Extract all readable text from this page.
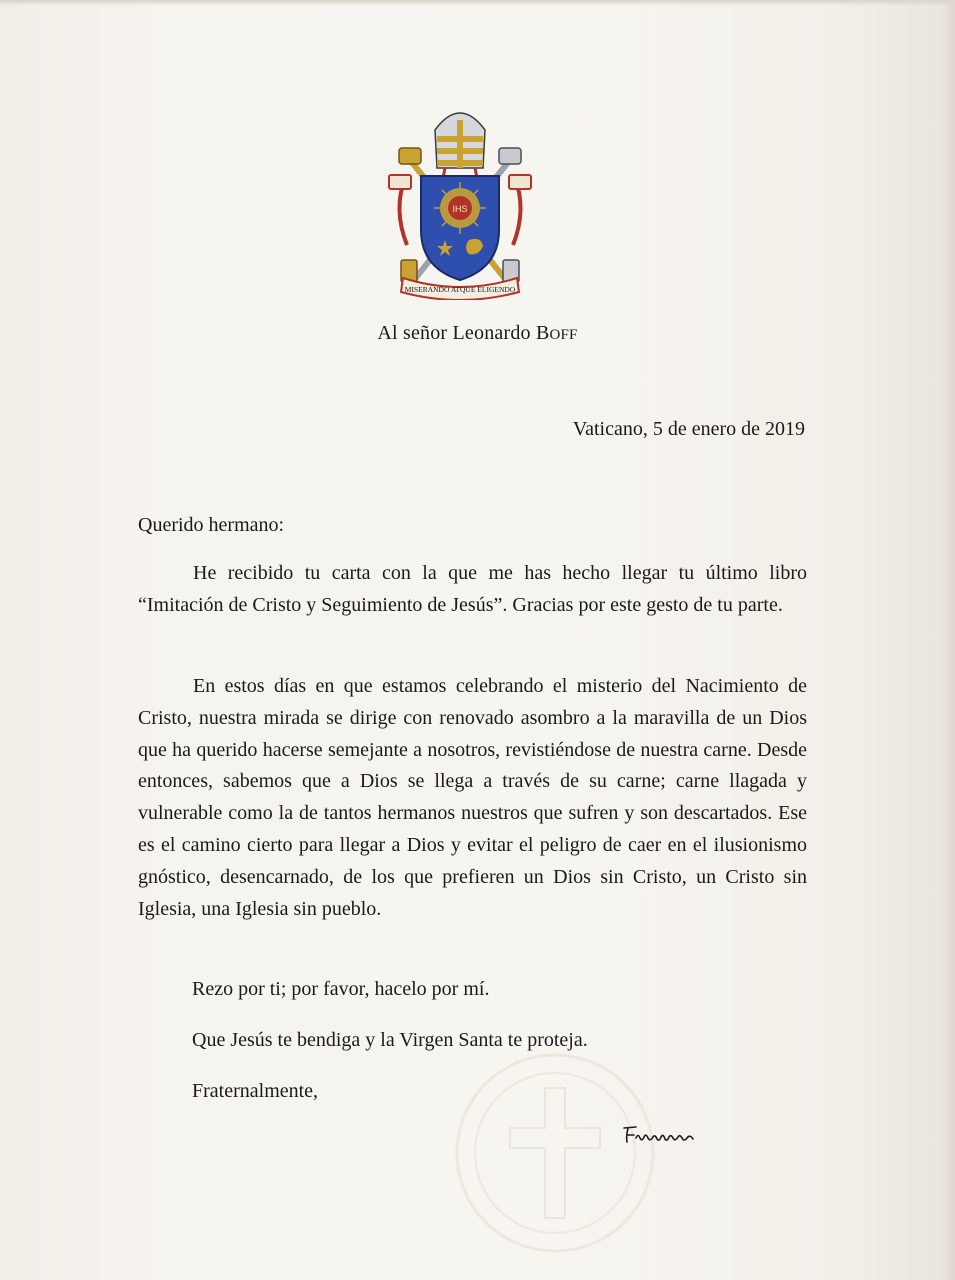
IHS
MISERANDO ATQUE ELIGENDO
Al señor Leonardo BOFF
Vaticano, 5 de enero de 2019
Querido hermano:

He recibido tu carta con la que me has hecho llegar tu último libro “Imitación de Cristo y Seguimiento de Jesús”. Gracias por este gesto de tu parte.

En estos días en que estamos celebrando el misterio del Nacimiento de Cristo, nuestra mirada se dirige con renovado asombro a la maravilla de un Dios que ha querido hacerse semejante a nosotros, revistiéndose de nuestra carne. Desde entonces, sabemos que a Dios se llega a través de su carne; carne llagada y vulnerable como la de tantos hermanos nuestros que sufren y son descartados. Ese es el camino cierto para llegar a Dios y evitar el peligro de caer en el ilusionismo gnóstico, desencarnado, de los que prefieren un Dios sin Cristo, un Cristo sin Iglesia, una Iglesia sin pueblo.

Rezo por ti; por favor, hacelo por mí.
Que Jesús te bendiga y la Virgen Santa te proteja.
Fraternalmente,
